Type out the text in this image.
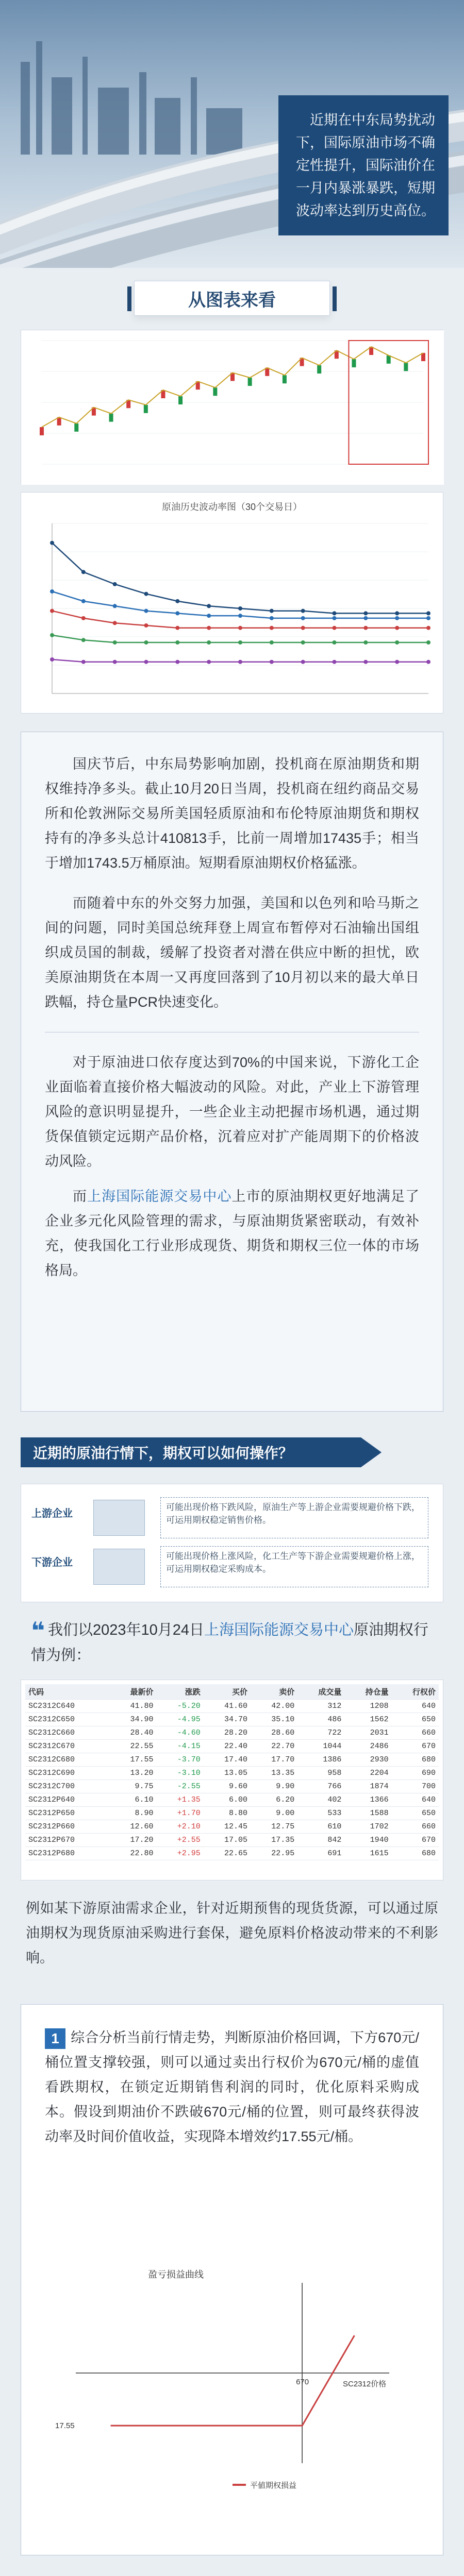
近期在中东局势扰动下，国际原油市场不确定性提升，国际油价在一月内暴涨暴跌，短期波动率达到历史高位。
从图表来看
原油历史波动率图（30个交易日）

国庆节后，中东局势影响加剧，投机商在原油期货和期权维持净多头。截止10月20日当周，投机商在纽约商品交易所和伦敦洲际交易所美国轻质原油和布伦特原油期货和期权持有的净多头总计410813手，比前一周增加17435手；相当于增加1743.5万桶原油。短期看原油期权价格猛涨。

而随着中东的外交努力加强，美国和以色列和哈马斯之间的问题，同时美国总统拜登上周宣布暂停对石油输出国组织成员国的制裁，缓解了投资者对潜在供应中断的担忧，欧美原油期货在本周一又再度回落到了10月初以来的最大单日跌幅，持仓量PCR快速变化。

对于原油进口依存度达到70%的中国来说，下游化工企业面临着直接价格大幅波动的风险。对此，产业上下游管理风险的意识明显提升，一些企业主动把握市场机遇，通过期货保值锁定远期产品价格，沉着应对扩产能周期下的价格波动风险。

而上海国际能源交易中心上市的原油期权更好地满足了企业多元化风险管理的需求，与原油期货紧密联动，有效补充，使我国化工行业形成现货、期货和期权三位一体的市场格局。

近期的原油行情下，期权可以如何操作？
上游企业
下游企业
可能出现价格下跌风险，原油生产等上游企业需要规避价格下跌，可运用期权稳定销售价格。
可能出现价格上涨风险，化工生产等下游企业需要规避价格上涨，可运用期权稳定采购成本。
❝ 我们以2023年10月24日上海国际能源交易中心原油期权行情为例：
代码	最新价	涨跌	买价	卖价	成交量	持仓量	行权价
SC2312C640	41.80	-5.20	41.60	42.00	312	1208	640
SC2312C650	34.90	-4.95	34.70	35.10	486	1562	650
SC2312C660	28.40	-4.60	28.20	28.60	722	2031	660
SC2312C670	22.55	-4.15	22.40	22.70	1044	2486	670
SC2312C680	17.55	-3.70	17.40	17.70	1386	2930	680
SC2312C690	13.20	-3.10	13.05	13.35	958	2204	690
SC2312C700	9.75	-2.55	9.60	9.90	766	1874	700
SC2312P640	6.10	+1.35	6.00	6.20	402	1366	640
SC2312P650	8.90	+1.70	8.80	9.00	533	1588	650
SC2312P660	12.60	+2.10	12.45	12.75	610	1702	660
SC2312P670	17.20	+2.55	17.05	17.35	842	1940	670
SC2312P680	22.80	+2.95	22.65	22.95	691	1615	680

例如某下游原油需求企业，针对近期预售的现货货源，可以通过原油期权为现货原油采购进行套保，避免原料价格波动带来的不利影响。

1 综合分析当前行情走势，判断原油价格回调，下方670元/桶位置支撑较强，则可以通过卖出行权价为670元/桶的虚值看跌期权，在锁定近期销售利润的同时，优化原料采购成本。假设到期油价不跌破670元/桶的位置，则可最终获得波动率及时间价值收益，实现降本增效约17.55元/桶。

盈亏损益曲线
SC2312价格
17.55
670
平値期权损益
